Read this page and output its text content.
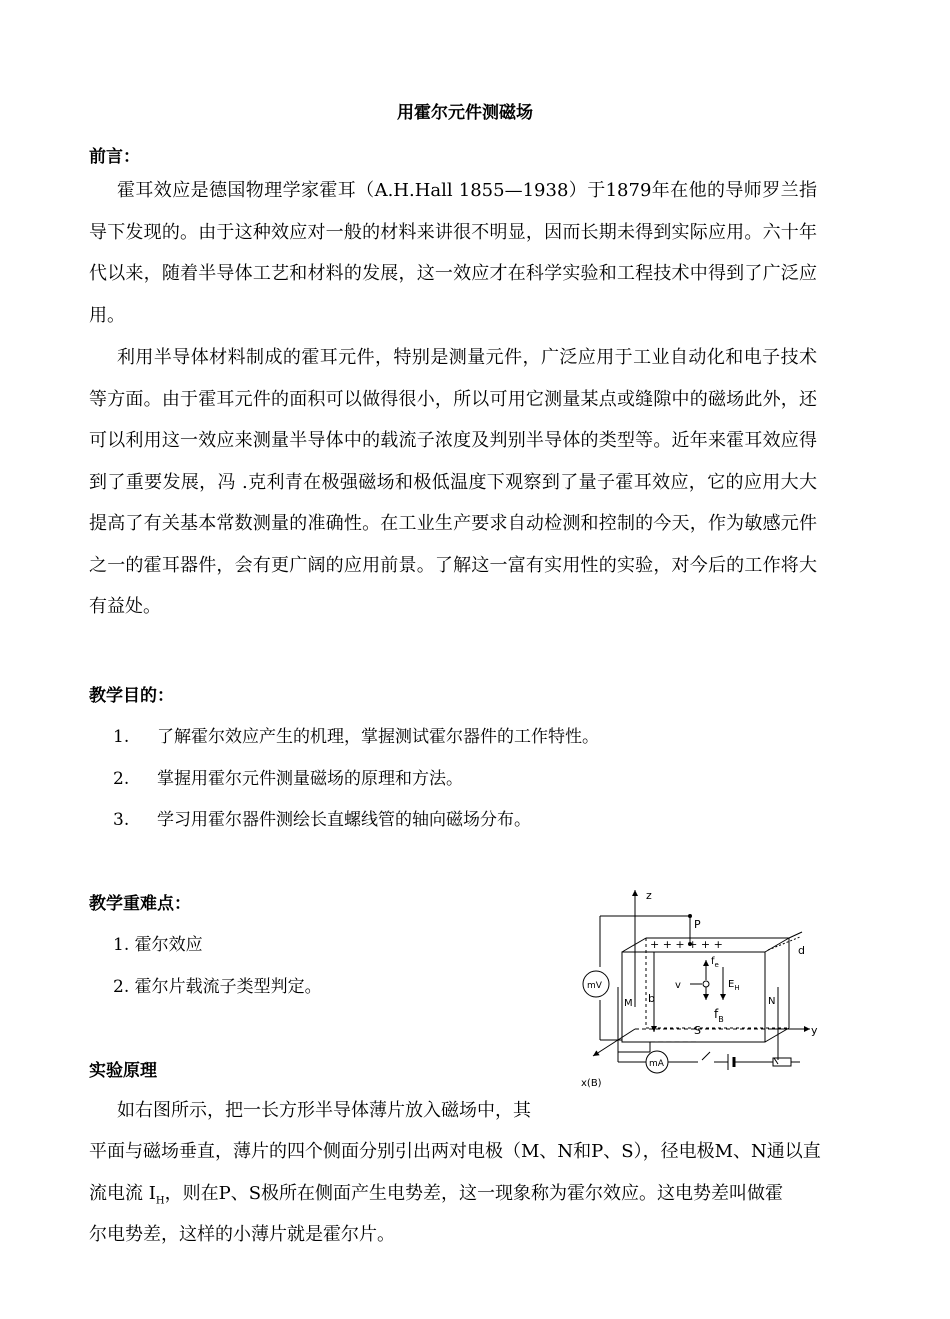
用霍尔元件测磁场
前言：

霍耳效应是德国物理学家霍耳（A.H.Hall 1855—1938）于1879年在他的导师罗兰指导下发现的。由于这种效应对一般的材料来讲很不明显，因而长期未得到实际应用。六十年代以来，随着半导体工艺和材料的发展，这一效应才在科学实验和工程技术中得到了广泛应用。

利用半导体材料制成的霍耳元件，特别是测量元件，广泛应用于工业自动化和电子技术等方面。由于霍耳元件的面积可以做得很小，所以可用它测量某点或缝隙中的磁场此外，还可以利用这一效应来测量半导体中的载流子浓度及判别半导体的类型等。近年来霍耳效应得到了重要发展，冯 .克利青在极强磁场和极低温度下观察到了量子霍耳效应，它的应用大大提高了有关基本常数测量的准确性。在工业生产要求自动检测和控制的今天，作为敏感元件之一的霍耳器件，会有更广阔的应用前景。了解这一富有实用性的实验，对今后的工作将大有益处。

教学目的：
1. 了解霍尔效应产生的机理，掌握测试霍尔器件的工作特性。
2. 掌握用霍尔元件测量磁场的原理和方法。
3. 学习用霍尔器件测绘长直螺线管的轴向磁场分布。
教学重难点：
1. 霍尔效应
2. 霍尔片载流子类型判定。
实验原理

如右图所示，把一长方形半导体薄片放入磁场中，其

平面与磁场垂直，薄片的四个侧面分别引出两对电极（M、N和P、S），径电极M、N通以直

流电流 $I_H$，则在P、S极所在侧面产生电势差，这一现象称为霍尔效应。这电势差叫做霍

尔电势差，这样的小薄片就是霍尔片。

z
P
d
+ + + + + +
mV
M	N
b
v
$f_e$
$E_H$
$f_B$
S
_ _ _ _ _ _
y
mA
x(B)
